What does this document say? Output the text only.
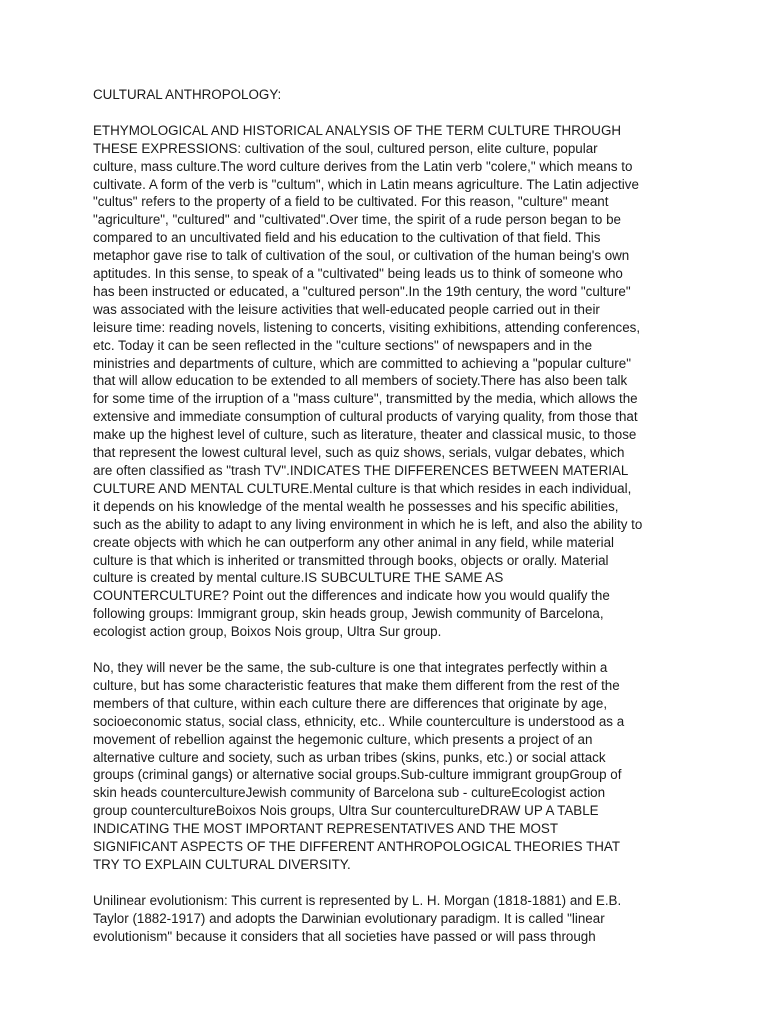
CULTURAL ANTHROPOLOGY:

ETHYMOLOGICAL AND HISTORICAL ANALYSIS OF THE TERM CULTURE THROUGH
THESE EXPRESSIONS: cultivation of the soul, cultured person, elite culture, popular
culture, mass culture.The word culture derives from the Latin verb "colere," which means to
cultivate. A form of the verb is "cultum", which in Latin means agriculture. The Latin adjective
"cultus" refers to the property of a field to be cultivated. For this reason, "culture" meant
"agriculture", "cultured" and "cultivated".Over time, the spirit of a rude person began to be
compared to an uncultivated field and his education to the cultivation of that field. This
metaphor gave rise to talk of cultivation of the soul, or cultivation of the human being's own
aptitudes. In this sense, to speak of a "cultivated" being leads us to think of someone who
has been instructed or educated, a "cultured person".In the 19th century, the word "culture"
was associated with the leisure activities that well-educated people carried out in their
leisure time: reading novels, listening to concerts, visiting exhibitions, attending conferences,
etc. Today it can be seen reflected in the "culture sections" of newspapers and in the
ministries and departments of culture, which are committed to achieving a "popular culture"
that will allow education to be extended to all members of society.There has also been talk
for some time of the irruption of a "mass culture", transmitted by the media, which allows the
extensive and immediate consumption of cultural products of varying quality, from those that
make up the highest level of culture, such as literature, theater and classical music, to those
that represent the lowest cultural level, such as quiz shows, serials, vulgar debates, which
are often classified as "trash TV".INDICATES THE DIFFERENCES BETWEEN MATERIAL
CULTURE AND MENTAL CULTURE.Mental culture is that which resides in each individual,
it depends on his knowledge of the mental wealth he possesses and his specific abilities,
such as the ability to adapt to any living environment in which he is left, and also the ability to
create objects with which he can outperform any other animal in any field, while material
culture is that which is inherited or transmitted through books, objects or orally. Material
culture is created by mental culture.IS SUBCULTURE THE SAME AS
COUNTERCULTURE? Point out the differences and indicate how you would qualify the
following groups: Immigrant group, skin heads group, Jewish community of Barcelona,
ecologist action group, Boixos Nois group, Ultra Sur group.

No, they will never be the same, the sub-culture is one that integrates perfectly within a
culture, but has some characteristic features that make them different from the rest of the
members of that culture, within each culture there are differences that originate by age,
socioeconomic status, social class, ethnicity, etc.. While counterculture is understood as a
movement of rebellion against the hegemonic culture, which presents a project of an
alternative culture and society, such as urban tribes (skins, punks, etc.) or social attack
groups (criminal gangs) or alternative social groups.Sub-culture immigrant groupGroup of
skin heads countercultureJewish community of Barcelona sub - cultureEcologist action
group countercultureBoixos Nois groups, Ultra Sur countercultureDRAW UP A TABLE
INDICATING THE MOST IMPORTANT REPRESENTATIVES AND THE MOST
SIGNIFICANT ASPECTS OF THE DIFFERENT ANTHROPOLOGICAL THEORIES THAT
TRY TO EXPLAIN CULTURAL DIVERSITY.

Unilinear evolutionism: This current is represented by L. H. Morgan (1818-1881) and E.B.
Taylor (1882-1917) and adopts the Darwinian evolutionary paradigm. It is called "linear
evolutionism" because it considers that all societies have passed or will pass through
